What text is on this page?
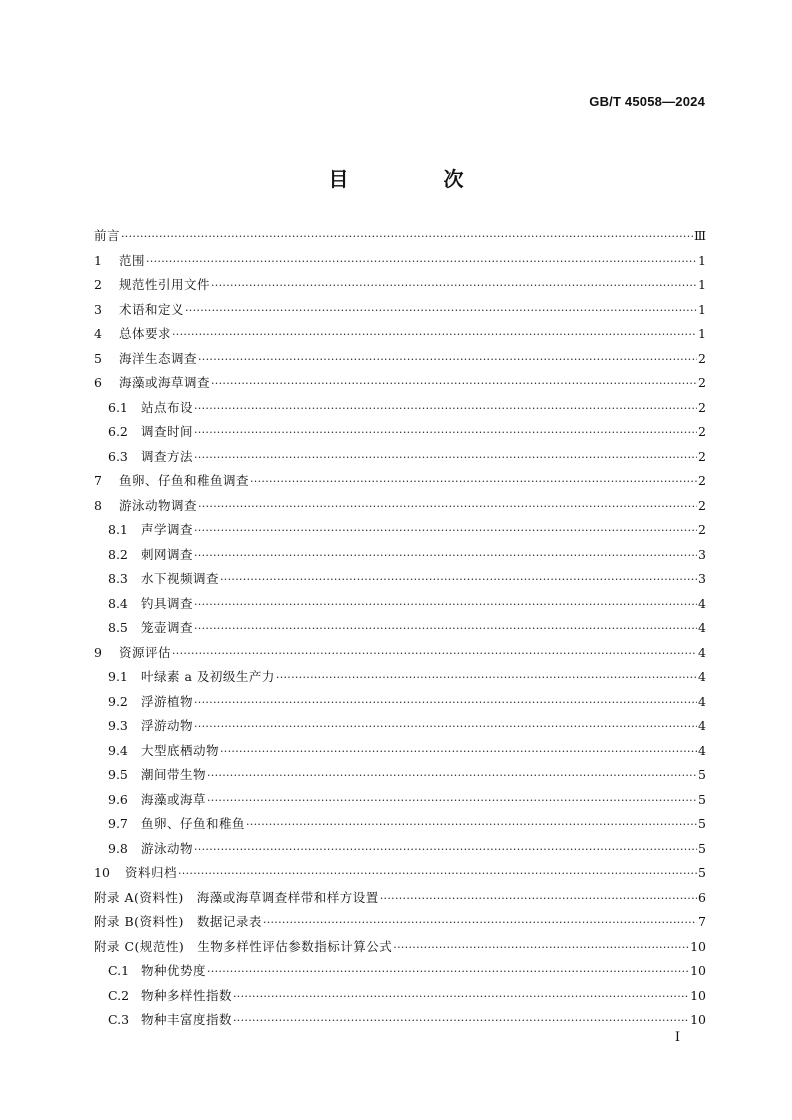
GB/T 45058—2024
目 次
前言 ·····	Ⅲ
1	范围 ·····	1
2	规范性引用文件 ·····	1
3	术语和定义 ·····	1
4	总体要求 ·····	1
5	海洋生态调查 ·····	2
6	海藻或海草调查 ·····	2
6.1	站点布设 ·····	2
6.2	调查时间 ·····	2
6.3	调查方法 ·····	2
7	鱼卵、仔鱼和稚鱼调查 ·····	2
8	游泳动物调查 ·····	2
8.1	声学调查 ·····	2
8.2	刺网调查 ·····	3
8.3	水下视频调查 ·····	3
8.4	钓具调查 ·····	4
8.5	笼壶调查 ·····	4
9	资源评估 ·····	4
9.1	叶绿素 a 及初级生产力 ·····	4
9.2	浮游植物 ·····	4
9.3	浮游动物 ·····	4
9.4	大型底栖动物 ·····	4
9.5	潮间带生物 ·····	5
9.6	海藻或海草 ·····	5
9.7	鱼卵、仔鱼和稚鱼 ·····	5
9.8	游泳动物 ·····	5
10	资料归档 ·····	5
附录 A(资料性)　海藻或海草调查样带和样方设置 ·····	6
附录 B(资料性)　数据记录表 ·····	7
附录 C(规范性)　生物多样性评估参数指标计算公式 ·····	10
C.1 物种优势度 ·····	10
C.2 物种多样性指数 ·····	10
C.3 物种丰富度指数 ·····	10
Ⅰ
